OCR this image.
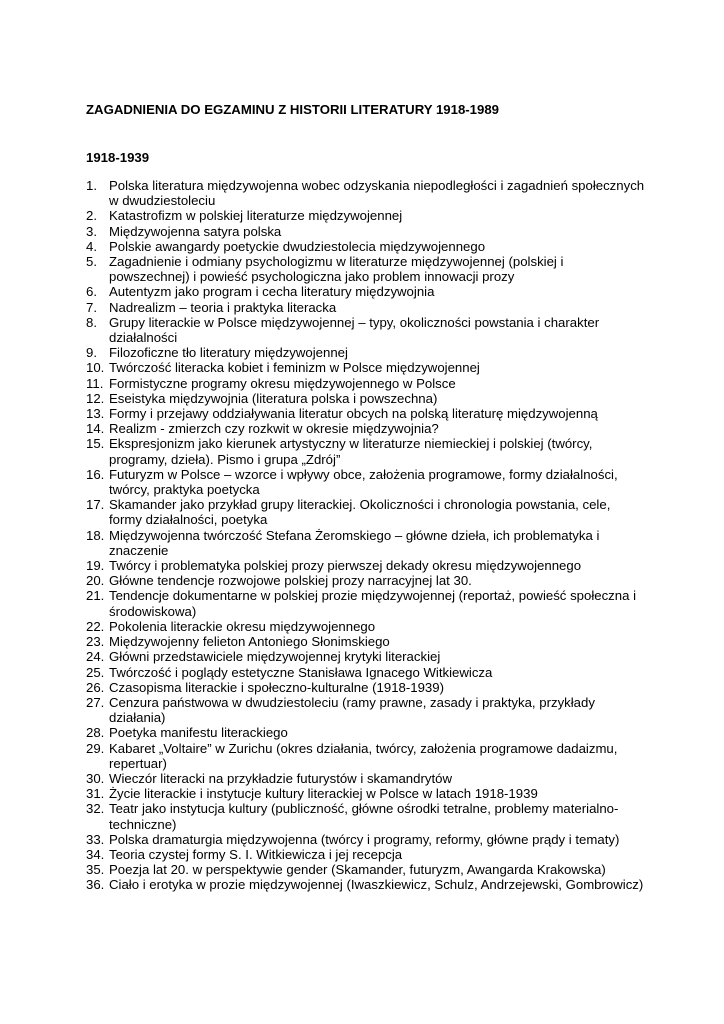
ZAGADNIENIA DO EGZAMINU Z HISTORII LITERATURY 1918-1989
1918-1939
1. Polska literatura międzywojenna wobec odzyskania niepodległości i zagadnień społecznych w dwudziestoleciu
2. Katastrofizm w polskiej literaturze międzywojennej
3. Międzywojenna satyra polska
4. Polskie awangardy poetyckie dwudziestolecia międzywojennego
5. Zagadnienie i odmiany psychologizmu w literaturze międzywojennej (polskiej i powszechnej) i powieść psychologiczna jako problem innowacji prozy
6. Autentyzm jako program i cecha literatury międzywojnia
7. Nadrealizm – teoria i praktyka literacka
8. Grupy literackie w Polsce międzywojennej – typy, okoliczności powstania i charakter działalności
9. Filozoficzne tło literatury międzywojennej
10. Twórczość literacka kobiet i feminizm w Polsce międzywojennej
11. Formistyczne programy okresu międzywojennego w Polsce
12. Eseistyka międzywojnia (literatura polska i powszechna)
13. Formy i przejawy oddziaływania literatur obcych na polską literaturę międzywojenną
14. Realizm - zmierzch czy rozkwit w okresie międzywojnia?
15. Ekspresjonizm jako kierunek artystyczny w literaturze niemieckiej i polskiej (twórcy, programy, dzieła). Pismo i grupa „Zdrój”
16. Futuryzm w Polsce – wzorce i wpływy obce, założenia programowe, formy działalności, twórcy, praktyka poetycka
17. Skamander jako przykład grupy literackiej. Okoliczności i chronologia powstania, cele, formy działalności, poetyka
18. Międzywojenna twórczość Stefana Żeromskiego – główne dzieła, ich problematyka i znaczenie
19. Twórcy i problematyka polskiej prozy pierwszej dekady okresu międzywojennego
20. Główne tendencje rozwojowe polskiej prozy narracyjnej lat 30.
21. Tendencje dokumentarne w polskiej prozie międzywojennej (reportaż, powieść społeczna i środowiskowa)
22. Pokolenia literackie okresu międzywojennego
23. Międzywojenny felieton Antoniego Słonimskiego
24. Główni przedstawiciele międzywojennej krytyki literackiej
25. Twórczość i poglądy estetyczne Stanisława Ignacego Witkiewicza
26. Czasopisma literackie i społeczno-kulturalne (1918-1939)
27. Cenzura państwowa w dwudziestoleciu (ramy prawne, zasady i praktyka, przykłady działania)
28. Poetyka manifestu literackiego
29. Kabaret „Voltaire” w Zurichu (okres działania, twórcy, założenia programowe dadaizmu, repertuar)
30. Wieczór literacki na przykładzie futurystów i skamandrytów
31. Życie literackie i instytucje kultury literackiej w Polsce w latach 1918-1939
32. Teatr jako instytucja kultury (publiczność, główne ośrodki tetralne, problemy materialno-techniczne)
33. Polska dramaturgia międzywojenna (twórcy i programy, reformy, główne prądy i tematy)
34. Teoria czystej formy S. I. Witkiewicza i jej recepcja
35. Poezja lat 20. w perspektywie gender (Skamander, futuryzm, Awangarda Krakowska)
36. Ciało i erotyka w prozie międzywojennej (Iwaszkiewicz, Schulz, Andrzejewski, Gombrowicz)
